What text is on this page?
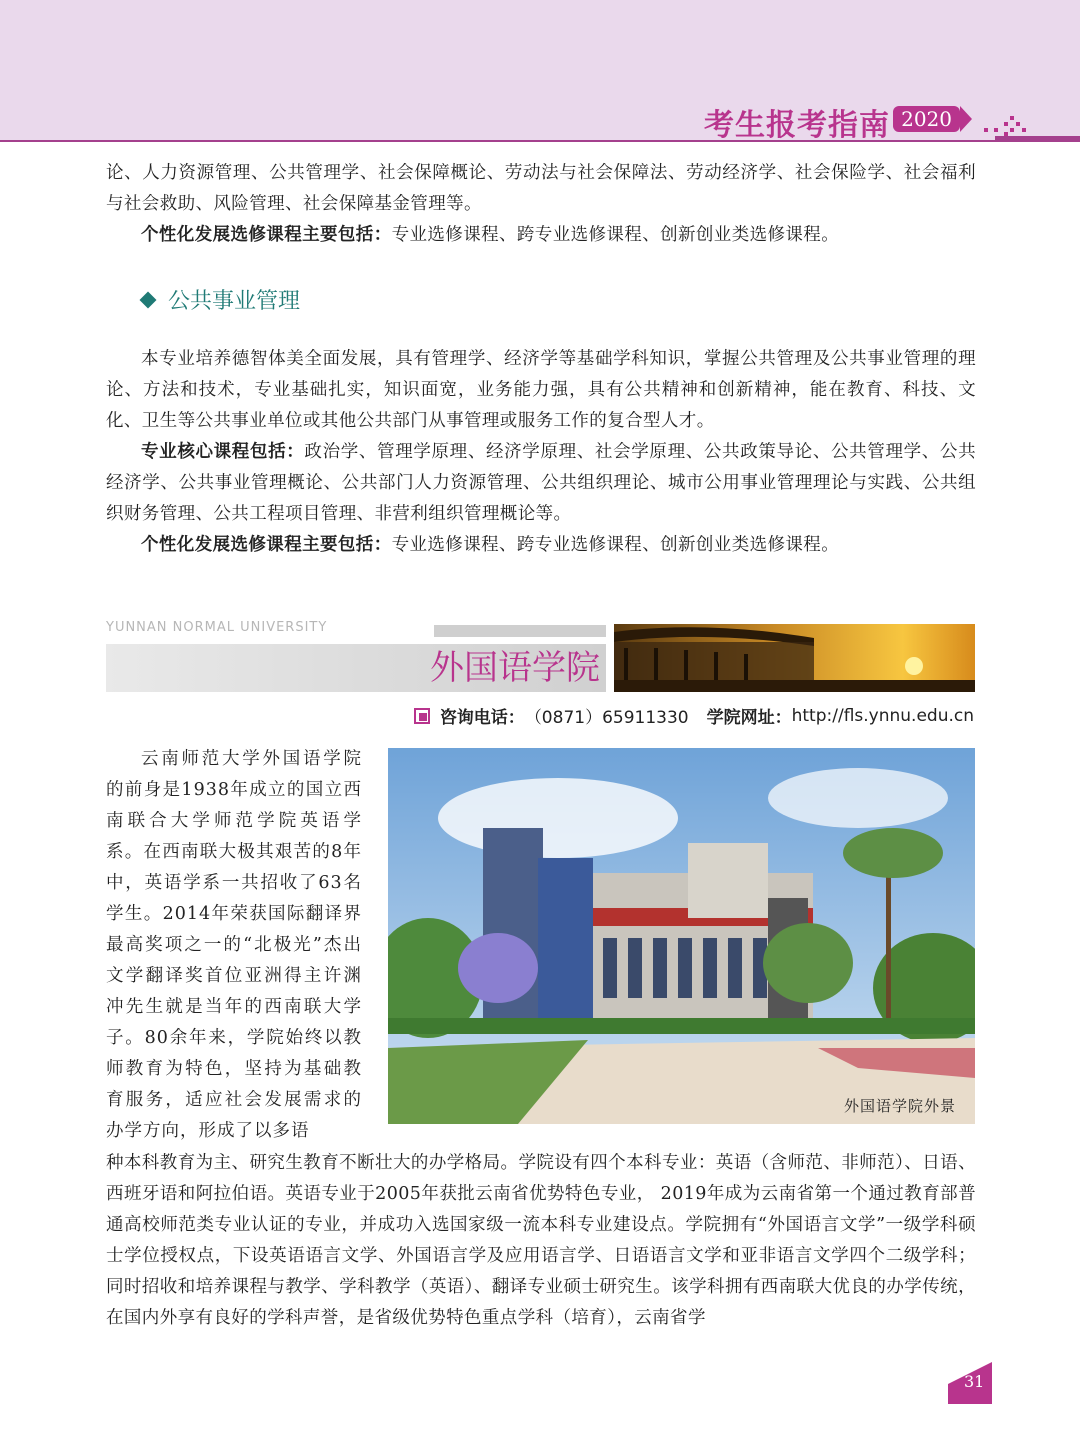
考生报考指南 2020

论、人力资源管理、公共管理学、社会保障概论、劳动法与社会保障法、劳动经济学、社会保险学、社会福利与社会救助、风险管理、社会保障基金管理等。

个性化发展选修课程主要包括：专业选修课程、跨专业选修课程、创新创业类选修课程。

公共事业管理

本专业培养德智体美全面发展，具有管理学、经济学等基础学科知识，掌握公共管理及公共事业管理的理论、方法和技术，专业基础扎实，知识面宽，业务能力强，具有公共精神和创新精神，能在教育、科技、文化、卫生等公共事业单位或其他公共部门从事管理或服务工作的复合型人才。

专业核心课程包括：政治学、管理学原理、经济学原理、社会学原理、公共政策导论、公共管理学、公共经济学、公共事业管理概论、公共部门人力资源管理、公共组织理论、城市公用事业管理理论与实践、公共组织财务管理、公共工程项目管理、非营利组织管理概论等。

个性化发展选修课程主要包括：专业选修课程、跨专业选修课程、创新创业类选修课程。

YUNNAN NORMAL UNIVERSITY
外国语学院
咨询电话： （0871）65911330 学院网址： http://fls.ynnu.edu.cn

云南师范大学外国语学院的前身是1938年成立的国立西南联合大学师范学院英语学系。在西南联大极其艰苦的8年中，英语学系一共招收了63名学生。2014年荣获国际翻译界最高奖项之一的“北极光”杰出文学翻译奖首位亚洲得主许渊冲先生就是当年的西南联大学子。80余年来，学院始终以教师教育为特色，坚持为基础教育服务，适应社会发展需求的办学方向，形成了以多语

外国语学院外景

种本科教育为主、研究生教育不断壮大的办学格局。学院设有四个本科专业：英语（含师范、非师范）、日语、西班牙语和阿拉伯语。英语专业于2005年获批云南省优势特色专业， 2019年成为云南省第一个通过教育部普通高校师范类专业认证的专业，并成功入选国家级一流本科专业建设点。学院拥有“外国语言文学”一级学科硕士学位授权点，下设英语语言文学、外国语言学及应用语言学、日语语言文学和亚非语言文学四个二级学科；同时招收和培养课程与教学、学科教学（英语）、翻译专业硕士研究生。该学科拥有西南联大优良的办学传统，在国内外享有良好的学科声誉，是省级优势特色重点学科（培育），云南省学

31
